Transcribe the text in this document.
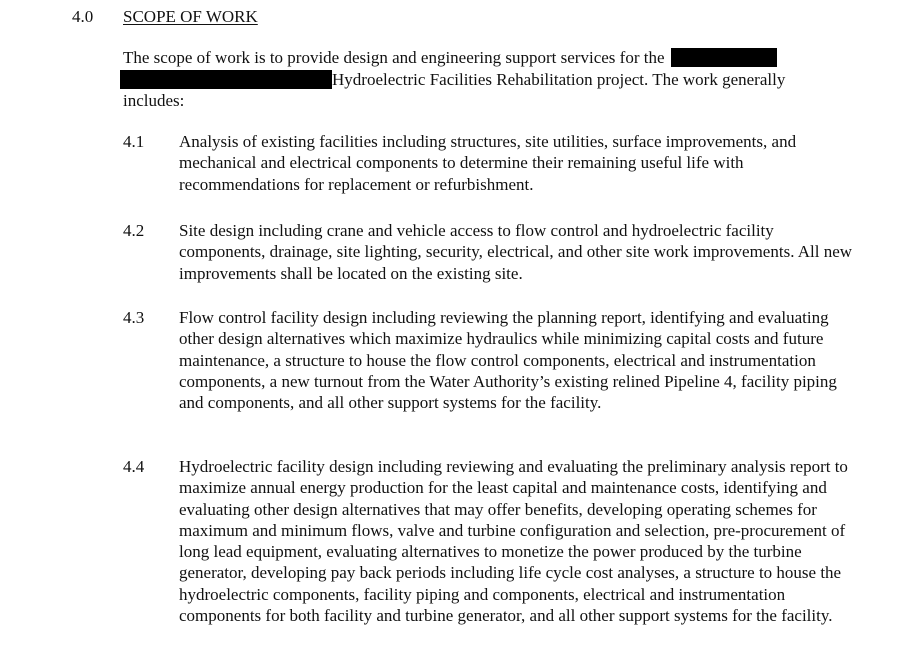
4.0 SCOPE OF WORK
The scope of work is to provide design and engineering support services for the
Hydroelectric Facilities Rehabilitation project. The work generally
includes:
4.1 Analysis of existing facilities including structures, site utilities, surface improvements, and mechanical and electrical components to determine their remaining useful life with recommendations for replacement or refurbishment.
4.2 Site design including crane and vehicle access to flow control and hydroelectric facility components, drainage, site lighting, security, electrical, and other site work improvements. All new improvements shall be located on the existing site.
4.3 Flow control facility design including reviewing the planning report, identifying and evaluating other design alternatives which maximize hydraulics while minimizing capital costs and future maintenance, a structure to house the flow control components, electrical and instrumentation components, a new turnout from the Water Authority’s existing relined Pipeline 4, facility piping and components, and all other support systems for the facility.
4.4 Hydroelectric facility design including reviewing and evaluating the preliminary analysis report to maximize annual energy production for the least capital and maintenance costs, identifying and evaluating other design alternatives that may offer benefits, developing operating schemes for maximum and minimum flows, valve and turbine configuration and selection, pre-procurement of long lead equipment, evaluating alternatives to monetize the power produced by the turbine generator, developing pay back periods including life cycle cost analyses, a structure to house the hydroelectric components, facility piping and components, electrical and instrumentation components for both facility and turbine generator, and all other support systems for the facility.
